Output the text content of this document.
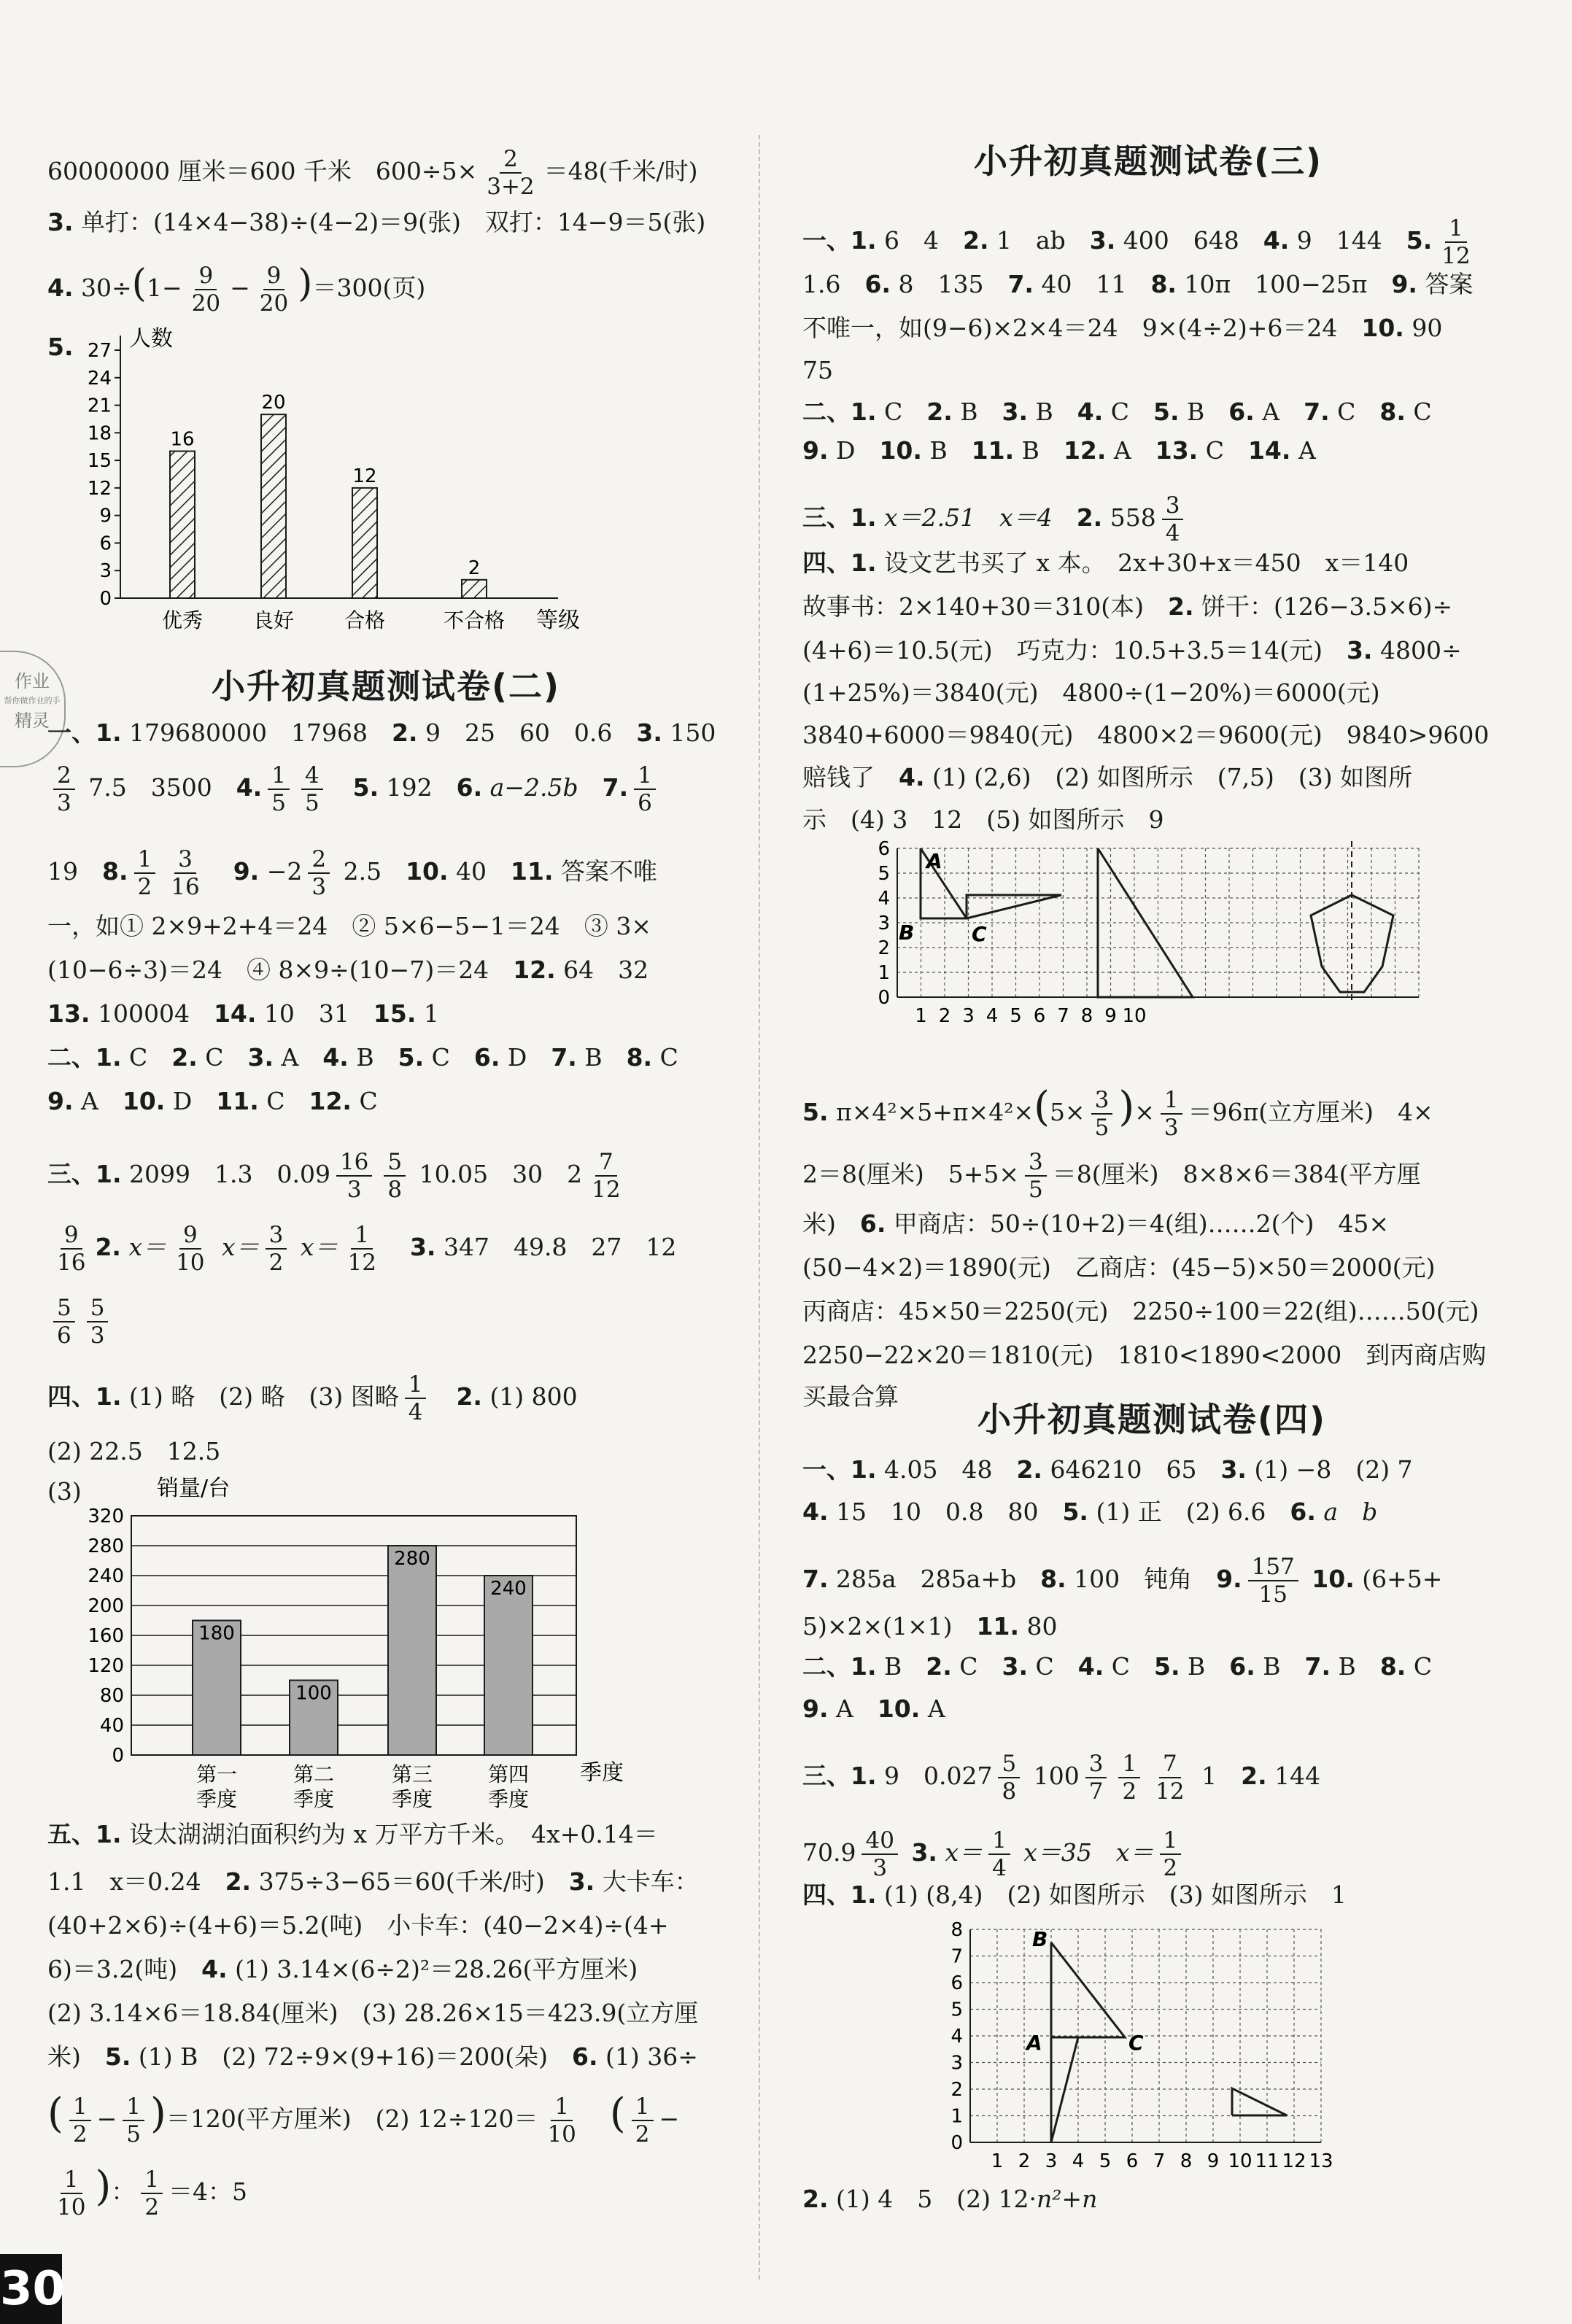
60000000 厘米＝600 千米　$600\div 5\times \frac{2}{3+2} =48$(千米/时)
3. 单打：(14×4−38)÷(4−2)＝9(张)　双打：14−9＝5(张)
4. $30\div(1- \frac{9}{20} - \frac{9}{20} )=300$(页)
5.	人数
0
3
6
9
12
15
18
21
24
27
16
优秀
20
良好
12
合格
2
不合格 等级
作业
帮你做作业的手
精灵
小升初真题测试卷(二)
一、1. 179680000　17968　 2. 9　25　60　0.6　 3. 150
$\frac{2}{3} 7.5$　3500　 4. $\frac{1}{5} \frac{4}{5}$
　 5. 192　 6. a−2.5b　 7. $\frac{1}{6}$
19　 8. $\frac{1}{2} \frac{3}{16}$
　 9. $-2 \frac{2}{3} 2.5$　 10. 40　 11. 答案不唯
一，如① 2×9+2+4＝24　② 5×6−5−1＝24　③ 3×
(10−6÷3)＝24　④ 8×9÷(10−7)＝24　 12. 64　32
13. 100004　 14. 10　31　 15. 1
二、1. C　 2. C　 3. A　 4. B　 5. C　 6. D　 7. B　 8. C
9. A　 10. D　 11. C　 12. C
三、1. 2099　1.3　$0.09 \frac{16}{3} \frac{5}{8} 10.05$　30　$2 \frac{7}{12}$
$\frac{9}{16} 2$. $x= \frac{9}{10} x= \frac{3}{2} x= \frac{1}{12}$
　 3. 347　49.8　27　12
$\frac{5}{6} \frac{5}{3}$
四、1. (1) 略　(2) 略　(3) 图略 $\frac{1}{4}$
　 2. (1) 800
(2) 22.5　12.5
(3)	销量/台
0
40
80
120
160
200
240
280
320
180
第一
季度
100
第二
季度
280
第三
季度
240
第四
季度
季度
五、1. 设太湖湖泊面积约为 x 万平方千米。　4x+0.14＝
1.1　x＝0.24　 2. 375÷3−65＝60(千米/时)　 3. 大卡车：
(40+2×6)÷(4+6)＝5.2(吨)　小卡车：(40−2×4)÷(4+
6)＝3.2(吨)　 4. (1) 3.14×(6÷2)²＝28.26(平方厘米)
(2) 3.14×6＝18.84(厘米)　(3) 28.26×15＝423.9(立方厘
米)　 5. (1) B　(2) 72÷9×(9+16)＝200(朵)　 6. (1) 36÷
( $\frac{1}{2} - \frac{1}{5} )=120$(平方厘米)　(2) $12\div 120= \frac{1}{10}$
　 ( $\frac{1}{2}$ −
$\frac{1}{10}$ )： $\frac{1}{2} =4$：5
30
小升初真题测试卷(三)
一、1. 6　4　 2. 1　ab　 3. 400　648　 4. 9　144　 5. $\frac{1}{12}$
1.6　 6. 8　135　 7. 40　11　 8. 10π　100−25π　 9. 答案
不唯一，如(9−6)×2×4＝24　9×(4÷2)+6＝24　 10. 90
75
二、1. C　 2. B　 3. B　 4. C　 5. B　 6. A　 7. C　 8. C
9. D　 10. B　 11. B　 12. A　 13. C　 14. A
三、1. x＝2.51　x＝4　 2. $558 \frac{3}{4}$
四、1. 设文艺书买了 x 本。　2x+30+x＝450　x＝140
故事书：2×140+30＝310(本)　 2. 饼干：(126−3.5×6)÷
(4+6)＝10.5(元)　巧克力：10.5+3.5＝14(元)　 3. 4800÷
(1+25%)＝3840(元)　4800÷(1−20%)＝6000(元)
3840+6000＝9840(元)　4800×2＝9600(元)　9840>9600
赔钱了　 4. (1) (2,6)　(2) 如图所示　(7,5)　(3) 如图所
示　(4) 3　12　(5) 如图所示　9
0
1
2
3
4
5
6
1 2 3 4 5 6 7 8 9 10
A
B	C
5. $\pi\times 4^2\times 5+\pi\times 4^2\times(5\times \frac{3}{5}$ )× $\frac{1}{3} =96\pi$(立方厘米)　4×
2＝8(厘米)　$5+5\times \frac{3}{5} =8$(厘米)　8×8×6＝384(平方厘
米)　 6. 甲商店：50÷(10+2)＝4(组)……2(个)　45×
(50−4×2)＝1890(元)　乙商店：(45−5)×50＝2000(元)
丙商店：45×50＝2250(元)　2250÷100＝22(组)……50(元)
2250−22×20＝1810(元)　1810<1890<2000　到丙商店购
买最合算
小升初真题测试卷(四)
一、1. 4.05　48　 2. 646210　65　 3. (1) −8　(2) 7
4. 15　10　0.8　80　 5. (1) 正　(2) 6.6　 6. a　b
7. 285a　285a+b　 8. 100　钝角　 9. $\frac{157}{15} 10$. (6+5+
5)×2×(1×1)　 11. 80
二、1. B　 2. C　 3. C　 4. C　 5. B　 6. B　 7. B　 8. C
9. A　 10. A
三、1. 9　$0.027 \frac{5}{8} 100 \frac{3}{7} \frac{1}{2} \frac{7}{12} 1$　 2. 144
$70.9 \frac{40}{3} 3$. $x= \frac{1}{4} x=35$　$x= \frac{1}{2}$
四、1. (1) (8,4)　(2) 如图所示　(3) 如图所示　1
0
1
2
3
4
5
6
7
8
1 2 3 4 5 6 7 8 9 10 11 12 13
B
A	C
2. (1) 4　5　(2) 12·n²+n
